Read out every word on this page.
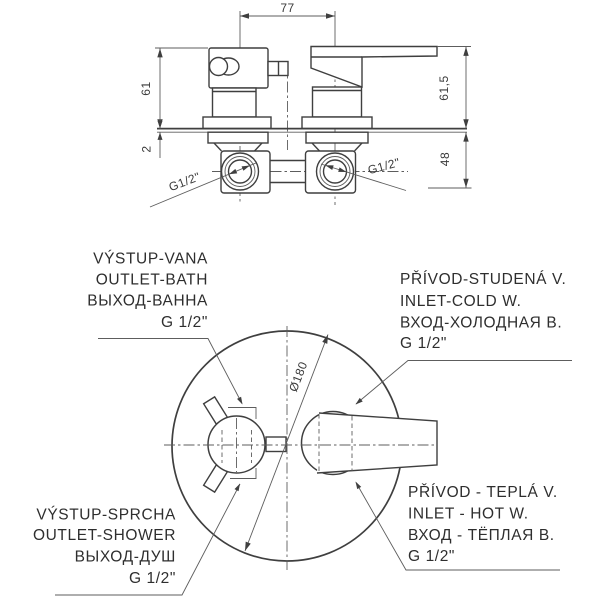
77
61
2
61,5
48
G1/2"
G1/2"
Ø180
VÝSTUP-VANA
OUTLET-BATH
ВЫХОД-ВАННА
G 1/2"
PŘÍVOD-STUDENÁ V.
INLET-COLD W.
ВХОД-ХОЛОДНАЯ В.
G 1/2"
VÝSTUP-SPRCHA
OUTLET-SHOWER
ВЫХОД-ДУШ
G 1/2"
PŘÍVOD - TEPLÁ V.
INLET - HOT W.
ВХОД - ТЁПЛАЯ В.
G 1/2"
